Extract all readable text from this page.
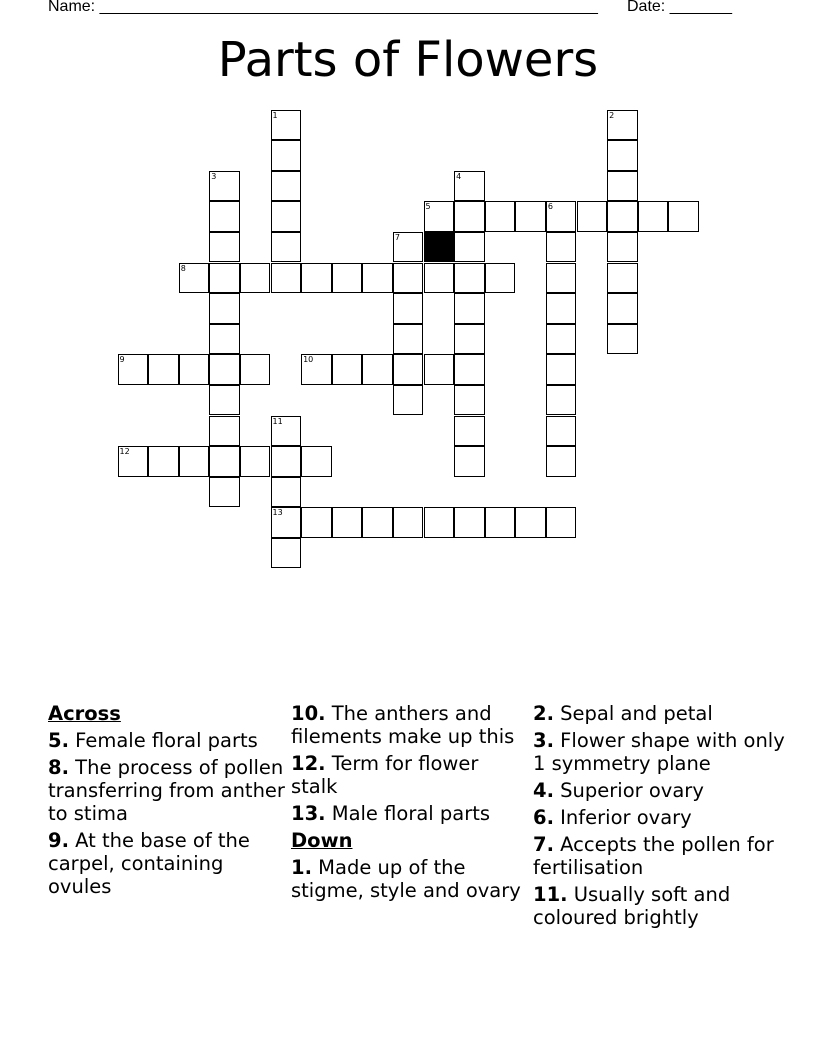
Name: ________________________________________________________ Date: _______
Parts of Flowers
5	6
8
9	10
12
13
1	2
3	4
7
11
Across
5. Female floral parts
8. The process of pollen transferring from anther to stima
9. At the base of the carpel, containing ovules
10. The anthers and filements make up this
12. Term for flower stalk
13. Male floral parts
Down
1. Made up of the stigme, style and ovary
2. Sepal and petal
3. Flower shape with only 1 symmetry plane
4. Superior ovary
6. Inferior ovary
7. Accepts the pollen for fertilisation
11. Usually soft and coloured brightly
